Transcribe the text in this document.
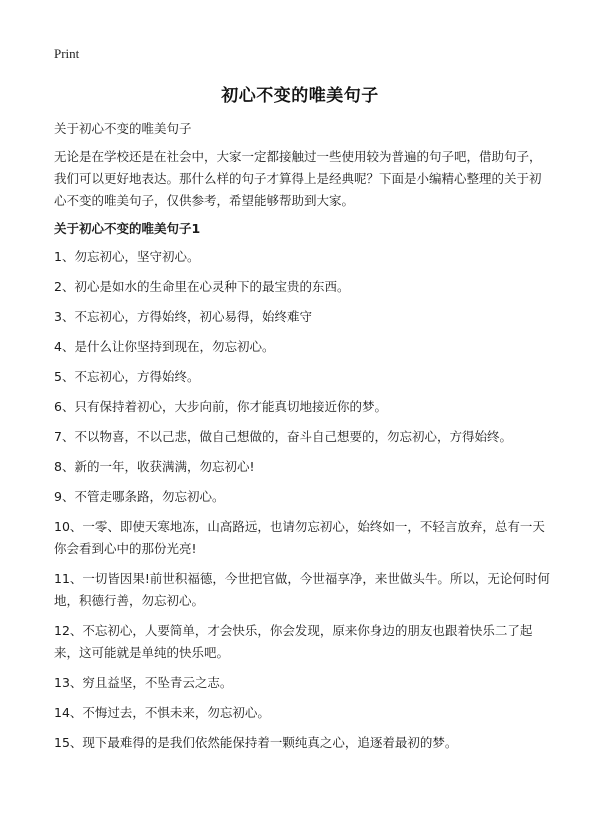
Print
初心不变的唯美句子

关于初心不变的唯美句子

无论是在学校还是在社会中，大家一定都接触过一些使用较为普遍的句子吧，借助句子，我们可以更好地表达。那什么样的句子才算得上是经典呢？下面是小编精心整理的关于初心不变的唯美句子，仅供参考，希望能够帮助到大家。

关于初心不变的唯美句子1

1、勿忘初心，坚守初心。
2、初心是如水的生命里在心灵种下的最宝贵的东西。
3、不忘初心，方得始终，初心易得，始终难守
4、是什么让你坚持到现在，勿忘初心。
5、不忘初心，方得始终。
6、只有保持着初心，大步向前，你才能真切地接近你的梦。
7、不以物喜，不以己悲，做自己想做的，奋斗自己想要的，勿忘初心，方得始终。
8、新的一年，收获满满，勿忘初心!
9、不管走哪条路，勿忘初心。
10、一零、即使天寒地冻，山高路远，也请勿忘初心，始终如一，不轻言放弃，总有一天你会看到心中的那份光亮!
11、一切皆因果!前世积福德，今世把官做，今世福享净，来世做头牛。所以，无论何时何地，积德行善，勿忘初心。
12、不忘初心，人要简单，才会快乐，你会发现，原来你身边的朋友也跟着快乐二了起来，这可能就是单纯的快乐吧。
13、穷且益坚，不坠青云之志。
14、不悔过去，不惧未来，勿忘初心。
15、现下最难得的是我们依然能保持着一颗纯真之心，追逐着最初的梦。
